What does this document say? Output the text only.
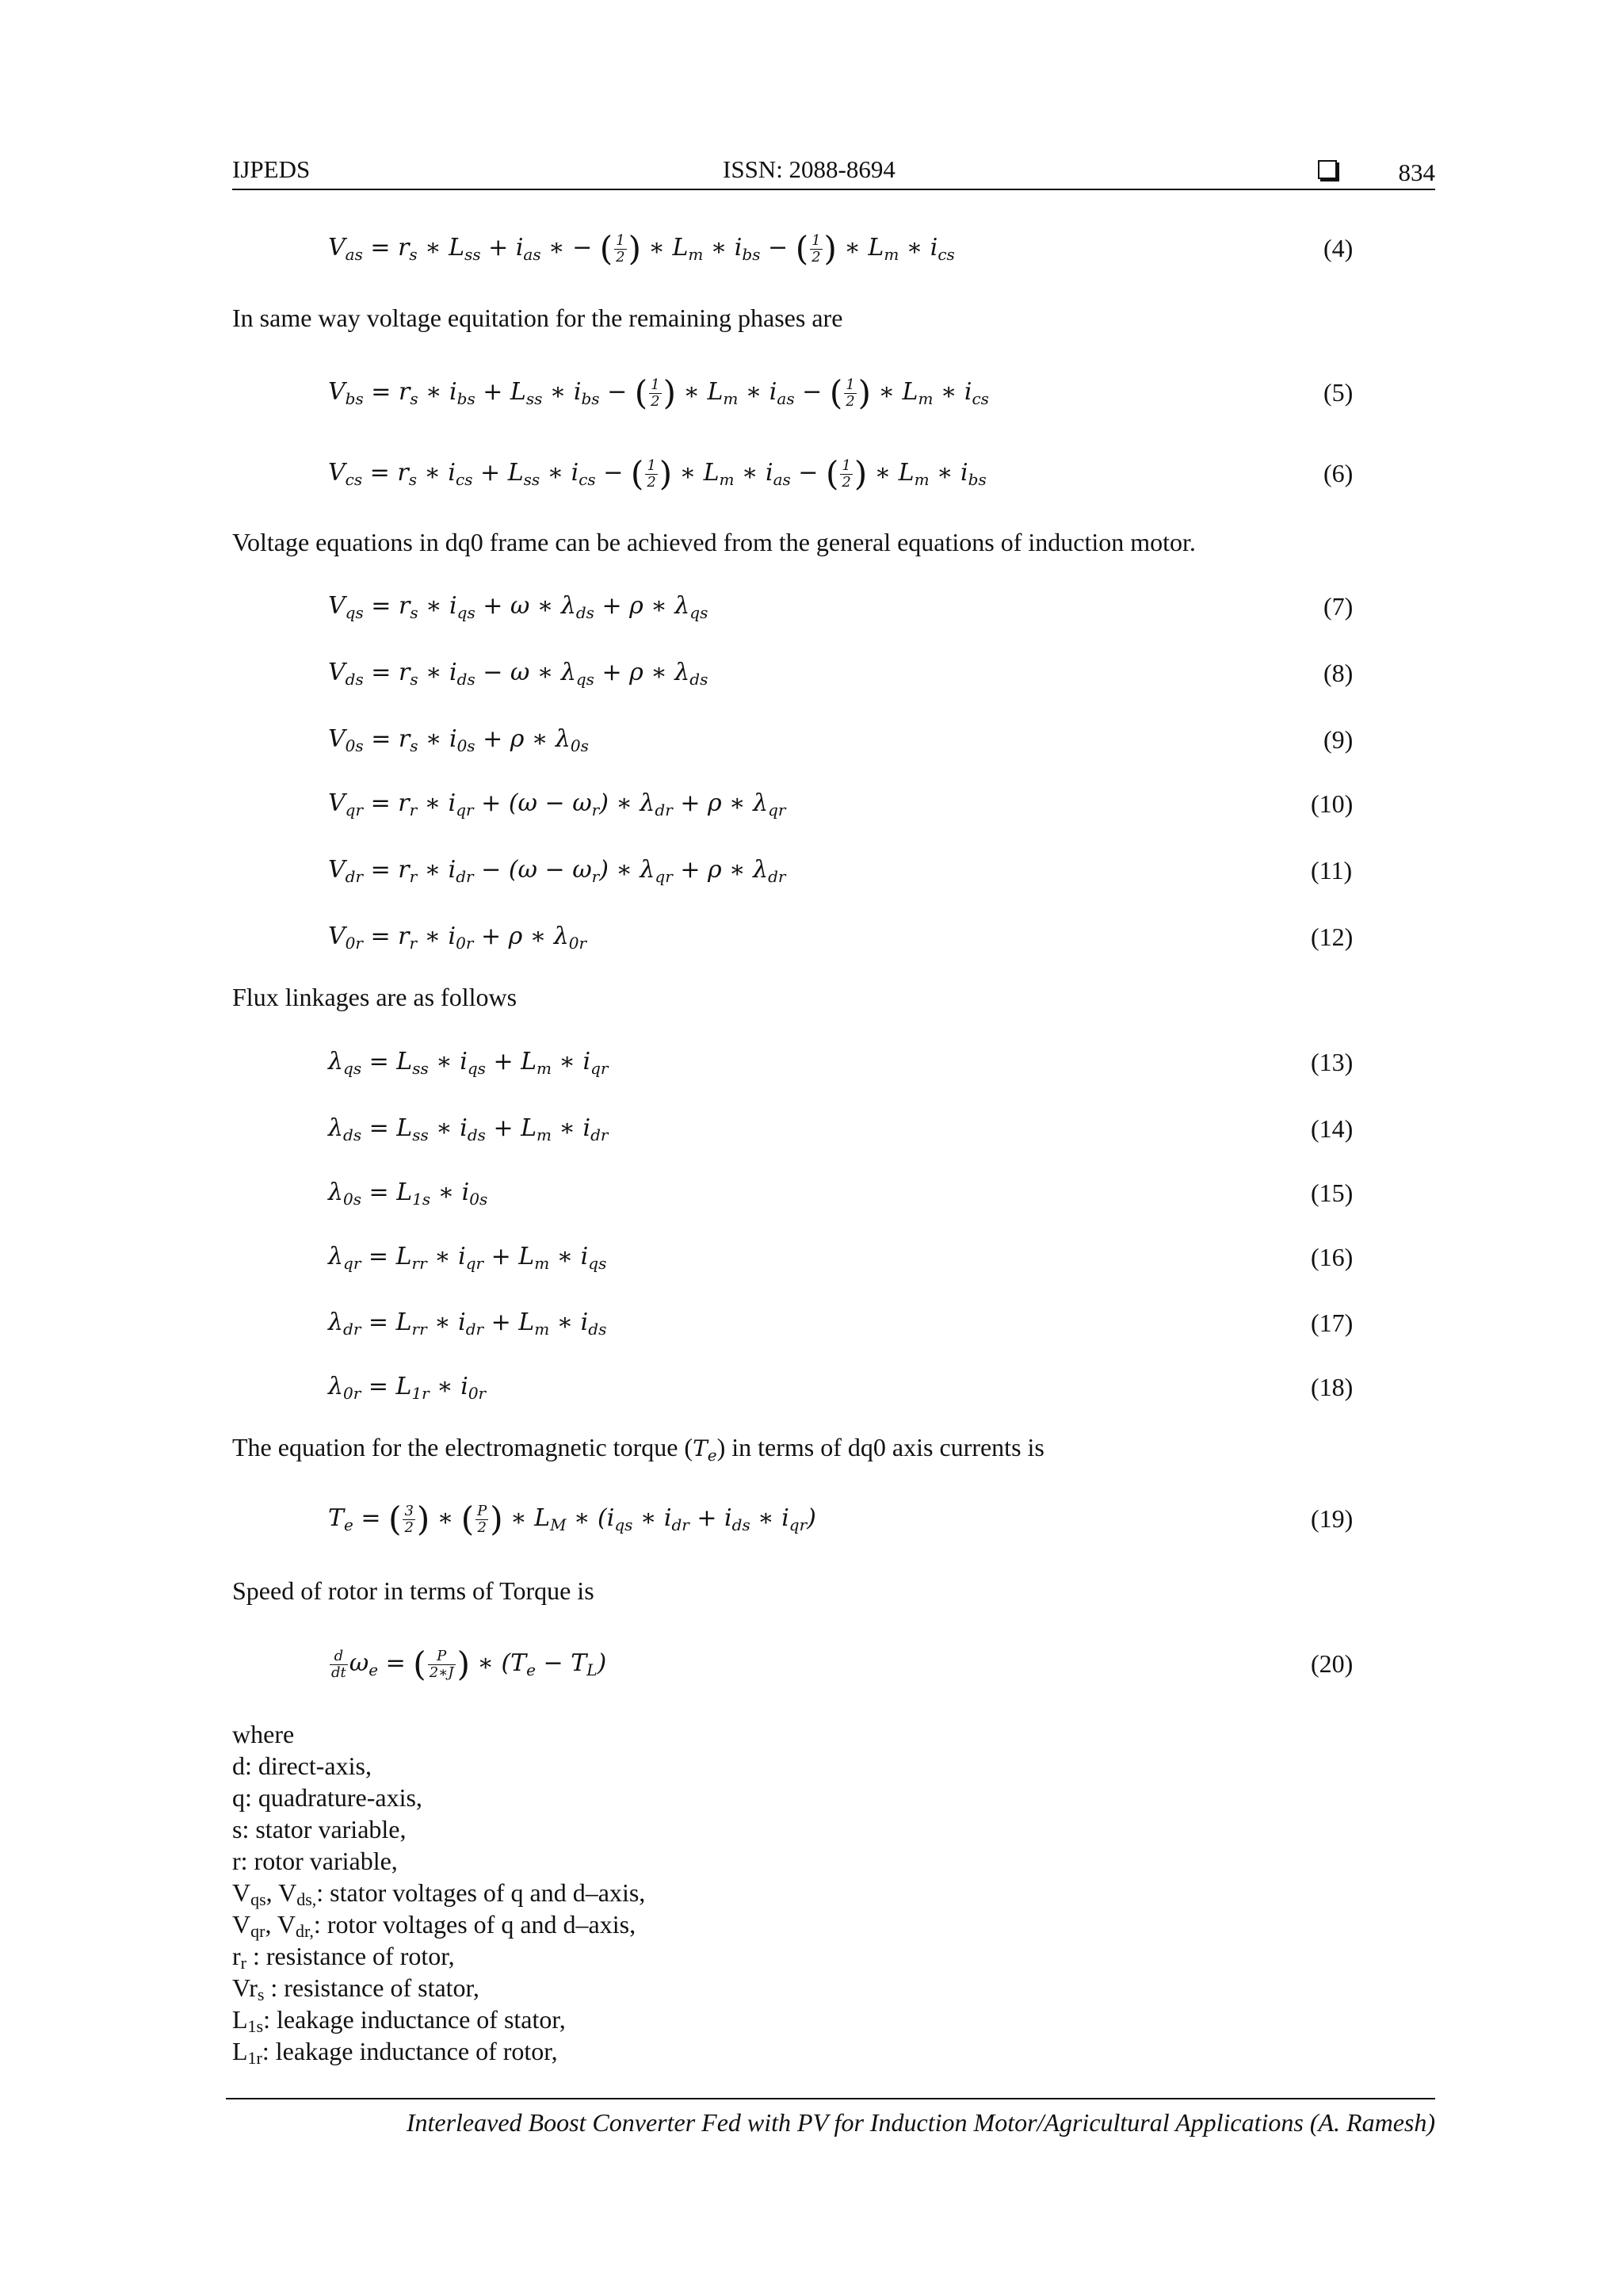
IJPEDS	ISSN: 2088-8694	834
$V_{as} = r_s$ ∗ $L_{ss} + i_{as}$ ∗ − ( $\frac{1}{2}$ ) ∗ $L_m$ ∗ $i_{bs}$ − ( $\frac{1}{2}$ ) ∗ $L_m$ ∗ $i_{cs}$	(4)
In same way voltage equitation for the remaining phases are
$V_{bs} = r_s$ ∗ $i_{bs} + L_{ss}$ ∗ $i_{bs}$ − ( $\frac{1}{2}$ ) ∗ $L_m$ ∗ $i_{as}$ − ( $\frac{1}{2}$ ) ∗ $L_m$ ∗ $i_{cs}$	(5)
$V_{cs} = r_s$ ∗ $i_{cs} + L_{ss}$ ∗ $i_{cs}$ − ( $\frac{1}{2}$ ) ∗ $L_m$ ∗ $i_{as}$ − ( $\frac{1}{2}$ ) ∗ $L_m$ ∗ $i_{bs}$	(6)
Voltage equations in dq0 frame can be achieved from the general equations of induction motor.
$V_{qs} = r_s$ ∗ $i_{qs} + \omega$ ∗ $\lambda_{ds} + \rho$ ∗ $\lambda_{qs}$	(7)
$V_{ds} = r_s$ ∗ $i_{ds} - \omega$ ∗ $\lambda_{qs} + \rho$ ∗ $\lambda_{ds}$	(8)
$V_{0s} = r_s$ ∗ $i_{0s} + \rho$ ∗ $\lambda_{0s}$	(9)
$V_{qr} = r_r$ ∗ $i_{qr} + (\omega - \omega_r)$ ∗ $\lambda_{dr} + \rho$ ∗ $\lambda_{qr}$	(10)
$V_{dr} = r_r$ ∗ $i_{dr} - (\omega - \omega_r)$ ∗ $\lambda_{qr} + \rho$ ∗ $\lambda_{dr}$	(11)
$V_{0r} = r_r$ ∗ $i_{0r} + \rho$ ∗ $\lambda_{0r}$	(12)
Flux linkages are as follows
$\lambda_{qs} = L_{ss}$ ∗ $i_{qs} + L_m$ ∗ $i_{qr}$	(13)
$\lambda_{ds} = L_{ss}$ ∗ $i_{ds} + L_m$ ∗ $i_{dr}$	(14)
$\lambda_{0s} = L_{1s}$ ∗ $i_{0s}$	(15)
$\lambda_{qr} = L_{rr}$ ∗ $i_{qr} + L_m$ ∗ $i_{qs}$	(16)
$\lambda_{dr} = L_{rr}$ ∗ $i_{dr} + L_m$ ∗ $i_{ds}$	(17)
$\lambda_{0r} = L_{1r}$ ∗ $i_{0r}$	(18)
The equation for the electromagnetic torque $(T_e)$ in terms of dq0 axis currents is
$T_e$ = ( $\frac{3}{2}$ ) ∗ ( $\frac{P}{2}$ ) ∗ $L_M$ ∗ ($i_{qs}$ ∗ $i_{dr} + i_{ds}$ ∗ $i_{qr}$)	(19)
Speed of rotor in terms of Torque is
$\frac{d}{dt} \omega_e$ = ( $\frac{P}{2∗J}$ ) ∗ $(T_e - T_L)$	(20)
where
d: direct-axis,
q: quadrature-axis,
s: stator variable,
r: rotor variable,
$V_{qs}$, $V_{ds,}$: stator voltages of q and d–axis,
$V_{qr}$, $V_{dr,}$: rotor voltages of q and d–axis,
$r_r$ : resistance of rotor,
$Vr_s$ : resistance of stator,
$L_{1s}$: leakage inductance of stator,
$L_{1r}$: leakage inductance of rotor,
Interleaved Boost Converter Fed with PV for Induction Motor/Agricultural Applications (A. Ramesh)
